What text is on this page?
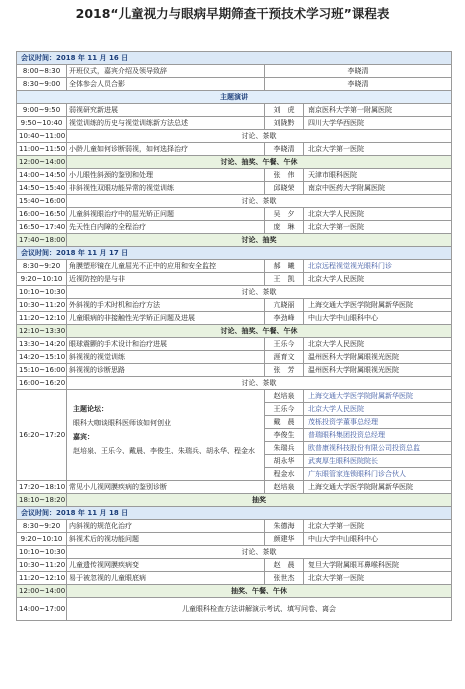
2018“儿童视力与眼病早期筛查干预技术学习班”课程表
会议时间：2018 年 11 月 16 日			
8:00~8:30	开班仪式，嘉宾介绍及领导致辞	李晓清	
8:30~9:00	全体参会人员合影	李晓清	
主题演讲			
9:00~9:50	弱视研究新进展	刘　虎	南京医科大学第一附属医院
9:50~10:40	视觉训练的历史与视觉训练新方法总述	刘陇黔	四川大学华西医院
10:40~11:00	讨论、茶歇		
11:00~11:50	小龄儿童如何诊断弱视，如何选择治疗	李晓清	北京大学第一医院
12:00~14:00	讨论、抽奖、午餐、午休		
14:00~14:50	小儿眼性斜颈的鉴别和处理	张　伟	天津市眼科医院
14:50~15:40	非斜视性双眼功能异常的视觉训练	邱晓荣	南京中医药大学附属医院
15:40~16:00	讨论、茶歇		
16:00~16:50	儿童斜视眼治疗中的屈光矫正问题	吴　夕	北京大学人民医院
16:50~17:40	先天性白内障的全程治疗	庞　琳	北京大学第一医院
17:40~18:00	讨论、抽奖		
会议时间：2018 年 11 月 17 日			
8:30~9:20	角膜塑形镜在儿童屈光不正中的应用和安全监控	郝　曦	北京远程视觉视光眼科门诊
9:20~10:10	近视防控的是与非	王　凯	北京大学人民医院
10:10~10:30	讨论、茶歇		
10:30~11:20	外斜视的手术时机和治疗方法	亢晓丽	上海交通大学医学院附属新华医院
11:20~12:10	儿童眼病的非接触性光学矫正问题及进展	李劲峰	中山大学中山眼科中心
12:10~13:30	讨论、抽奖、午餐、午休		
13:30~14:20	眼球震颤的手术设计和治疗进展	王乐今	北京大学人民医院
14:20~15:10	斜视视的视觉训练	涯育文	温州医科大学附属眼视光医院
15:10~16:00	斜视视的诊断思路	张　芳	温州医科大学附属眼视光医院
16:00~16:20	讨论、茶歇		
16:20~17:20	主题论坛：
眼科大咖谈眼科医师该如何创业
嘉宾：
赵培泉、王乐今、戴晨、李俊生、朱瑞兵、胡永华、程金水	赵培泉	上海交通大学医学院附属新华医院
		王乐今	北京大学人民医院
		戴　晨	茂栎投资学董事总经理
		李俊生	普瑞眼科集团投资总经理
		朱瑞兵	欧普康视科技股份有限公司投资总监
		胡永华	武爽厚生眼科医院院长
		程金水	广东眼管家连锁眼科门诊合伙人
17:20~18:10	常见小儿视网膜疾病的鉴别诊断	赵培泉	上海交通大学医学院附属新华医院
18:10~18:20	抽奖		
会议时间：2018 年 11 月 18 日			
8:30~9:20	内斜视的规范化治疗	朱德海	北京大学第一医院
9:20~10:10	斜视术后的视功能问题	颜建华	中山大学中山眼科中心
10:10~10:30	讨论、茶歇		
10:30~11:20	儿童遗传视网膜疾病变	赵　晨	复旦大学附属眼耳鼻喉科医院
11:20~12:10	易于被忽视的儿童眼底病	张世杰	北京大学第一医院
12:00~14:00	抽奖、午餐、午休		
14:00~17:00	儿童眼科检查方法讲解演示考试、填写问卷、离会		
